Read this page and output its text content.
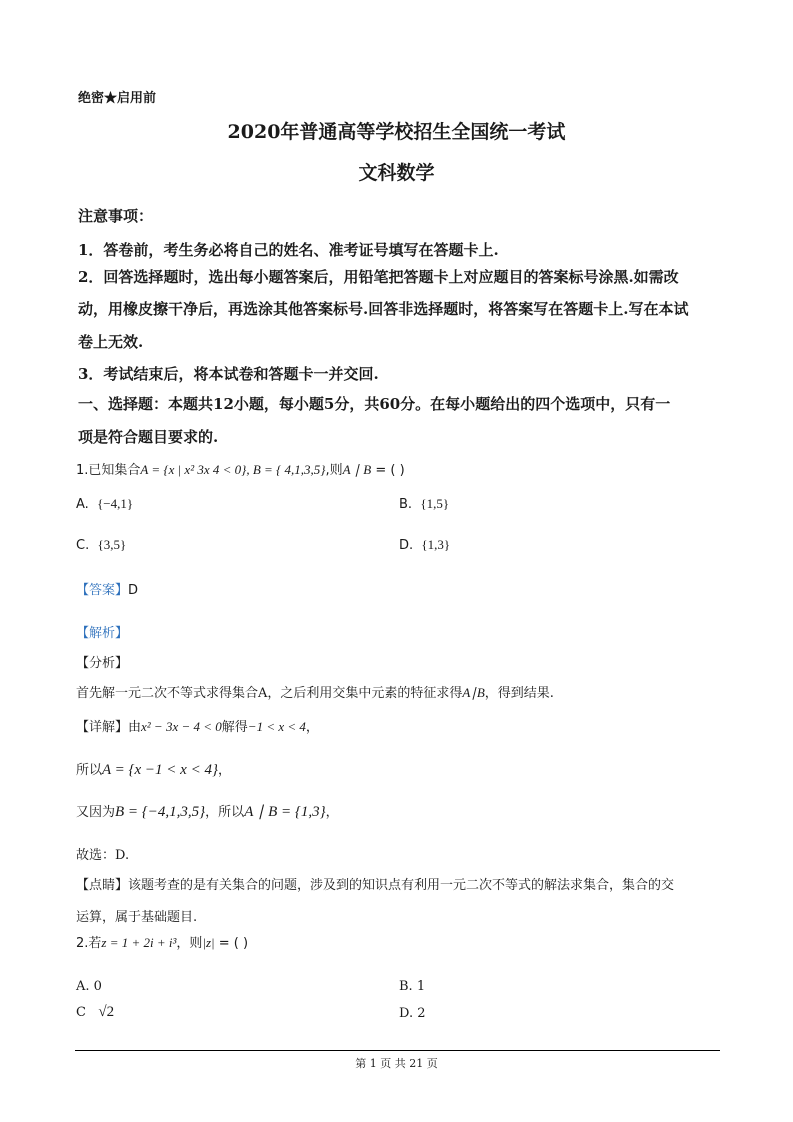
绝密★启用前
2020年普通高等学校招生全国统一考试
文科数学
注意事项：
1．答卷前，考生务必将自己的姓名、准考证号填写在答题卡上.
2．回答选择题时，选出每小题答案后，用铅笔把答题卡上对应题目的答案标号涂黑.如需改
动，用橡皮擦干净后，再选涂其他答案标号.回答非选择题时，将答案写在答题卡上.写在本试
卷上无效.
3．考试结束后，将本试卷和答题卡一并交回.
一、选择题：本题共12小题，每小题5分，共60分。在每小题给出的四个选项中，只有一
项是符合题目要求的.
1.已知集合A = {x | x² 3x 4 < 0}, B = { 4,1,3,5},则A ∣ B = ( )
A. {−4,1}	B. {1,5}
C. {3,5}	D. {1,3}
【答案】D
【解析】
【分析】
首先解一元二次不等式求得集合A，之后利用交集中元素的特征求得A∣B，得到结果.
【详解】由x² − 3x − 4 < 0解得−1 < x < 4，
所以A = {x −1 < x < 4}，
又因为B = {−4,1,3,5}，所以A ∣ B = {1,3}，
故选：D.
【点睛】该题考查的是有关集合的问题，涉及到的知识点有利用一元二次不等式的解法求集合，集合的交
运算，属于基础题目.
2.若z = 1 + 2i + i³，则|z| = ( )
A. 0	B. 1
C √2	D. 2
第 1 页 共 21 页
